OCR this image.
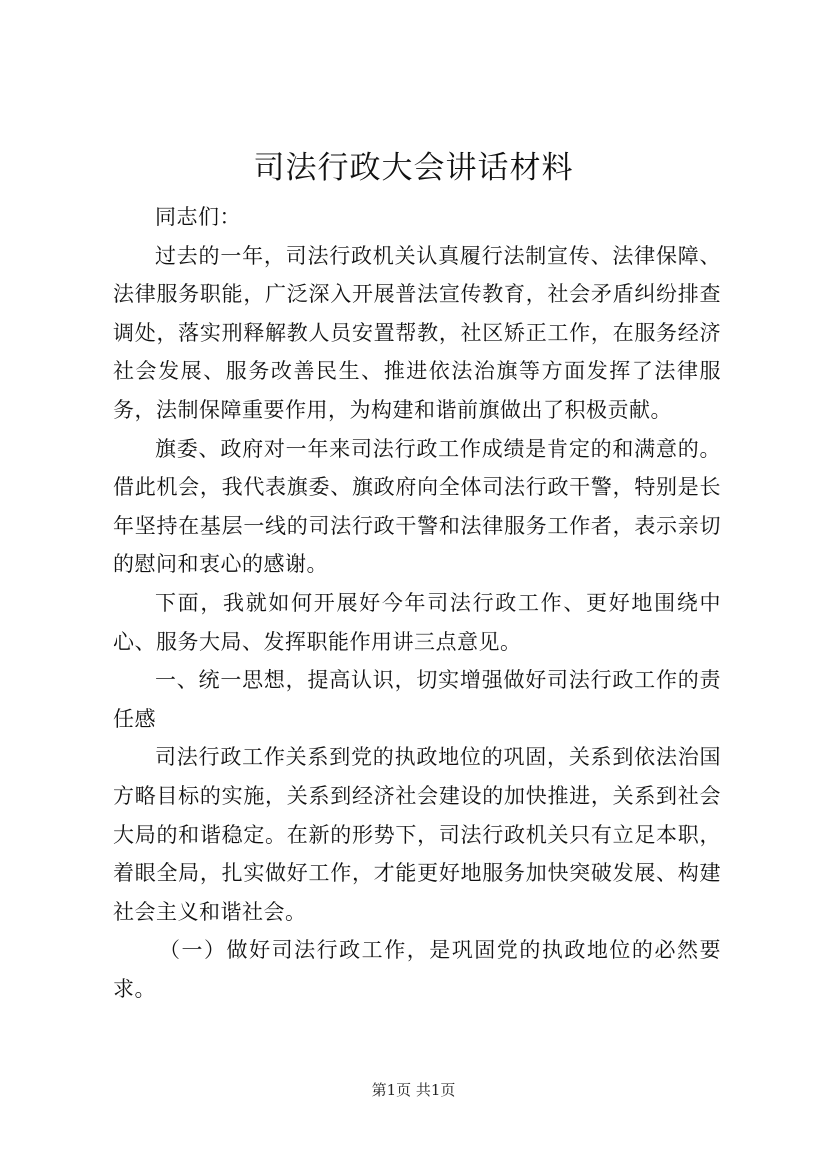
司法行政大会讲话材料

同志们：

过去的一年，司法行政机关认真履行法制宣传、法律保障、法律服务职能，广泛深入开展普法宣传教育，社会矛盾纠纷排查调处，落实刑释解教人员安置帮教，社区矫正工作，在服务经济社会发展、服务改善民生、推进依法治旗等方面发挥了法律服务，法制保障重要作用，为构建和谐前旗做出了积极贡献。

旗委、政府对一年来司法行政工作成绩是肯定的和满意的。借此机会，我代表旗委、旗政府向全体司法行政干警，特别是长年坚持在基层一线的司法行政干警和法律服务工作者，表示亲切的慰问和衷心的感谢。

下面，我就如何开展好今年司法行政工作、更好地围绕中心、服务大局、发挥职能作用讲三点意见。

一、统一思想，提高认识，切实增强做好司法行政工作的责任感

司法行政工作关系到党的执政地位的巩固，关系到依法治国方略目标的实施，关系到经济社会建设的加快推进，关系到社会大局的和谐稳定。在新的形势下，司法行政机关只有立足本职，着眼全局，扎实做好工作，才能更好地服务加快突破发展、构建社会主义和谐社会。

（一）做好司法行政工作，是巩固党的执政地位的必然要求。

第1页 共1页
